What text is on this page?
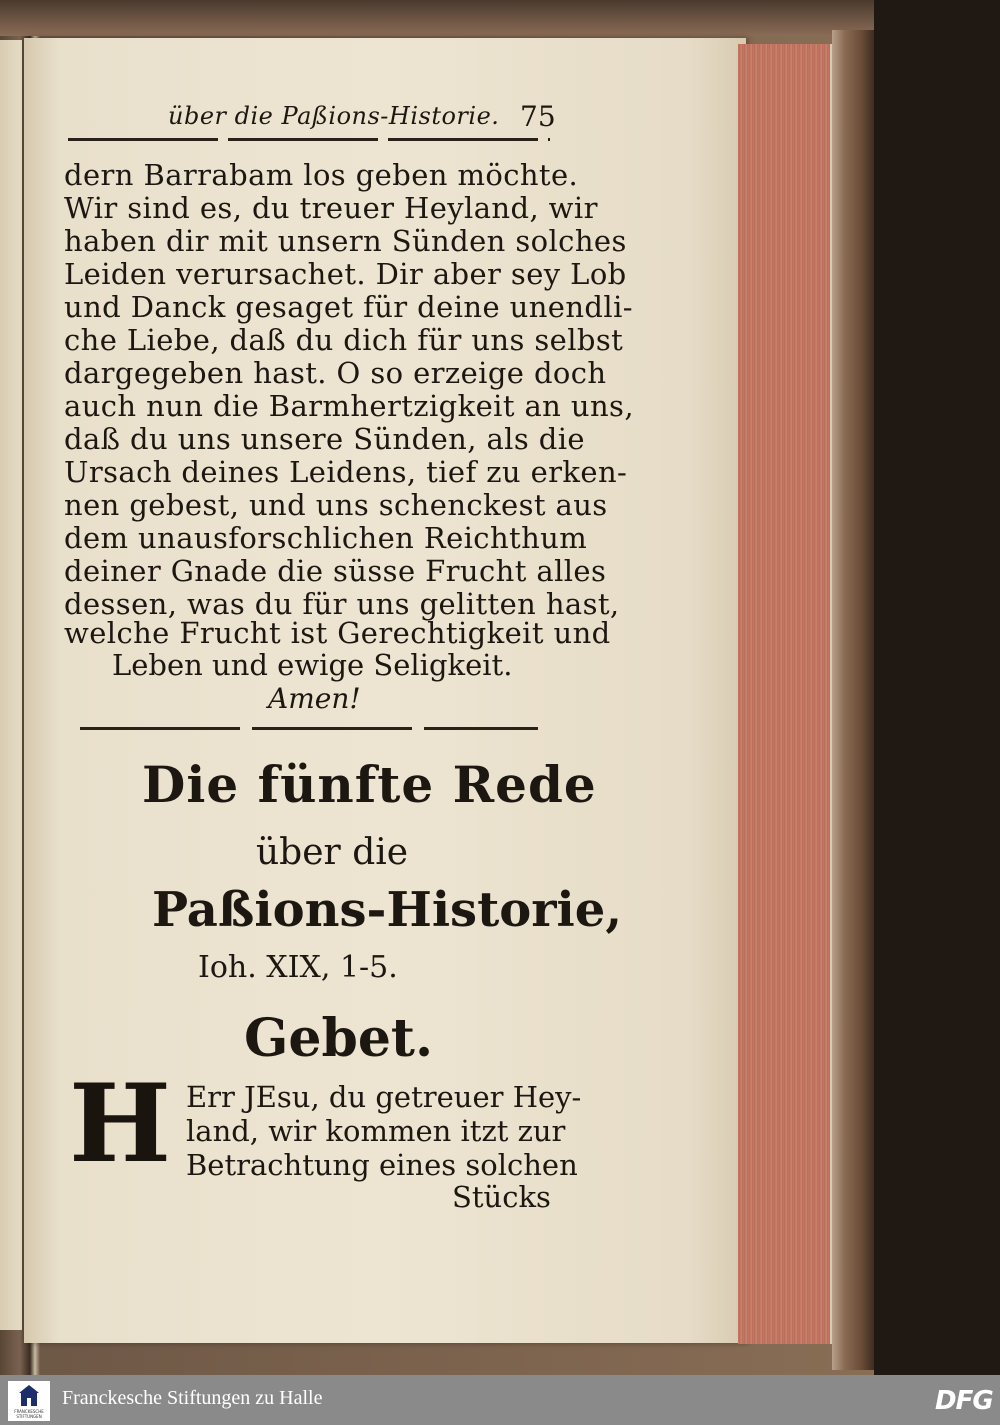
über die Paßions-Historie. 75
dern Barrabam los geben möchte.
Wir sind es, du treuer Heyland, wir
haben dir mit unsern Sünden solches
Leiden verursachet. Dir aber sey Lob
und Danck gesaget für deine unendli-
che Liebe, daß du dich für uns selbst
dargegeben hast. O so erzeige doch
auch nun die Barmhertzigkeit an uns,
daß du uns unsere Sünden, als die
Ursach deines Leidens, tief zu erken-
nen gebest, und uns schenckest aus
dem unausforschlichen Reichthum
deiner Gnade die süsse Frucht alles
dessen, was du für uns gelitten hast,
welche Frucht ist Gerechtigkeit und
Leben und ewige Seligkeit.
Amen!
Die fünfte Rede
über die
Paßions-Historie,
Ioh. XIX, 1-5.
Gebet.
H Err JEsu, du getreuer Hey-
land, wir kommen itzt zur
Betrachtung eines solchen
Stücks
FRANCKESCHE STIFTUNGEN
Franckesche Stiftungen zu Halle	DFG
